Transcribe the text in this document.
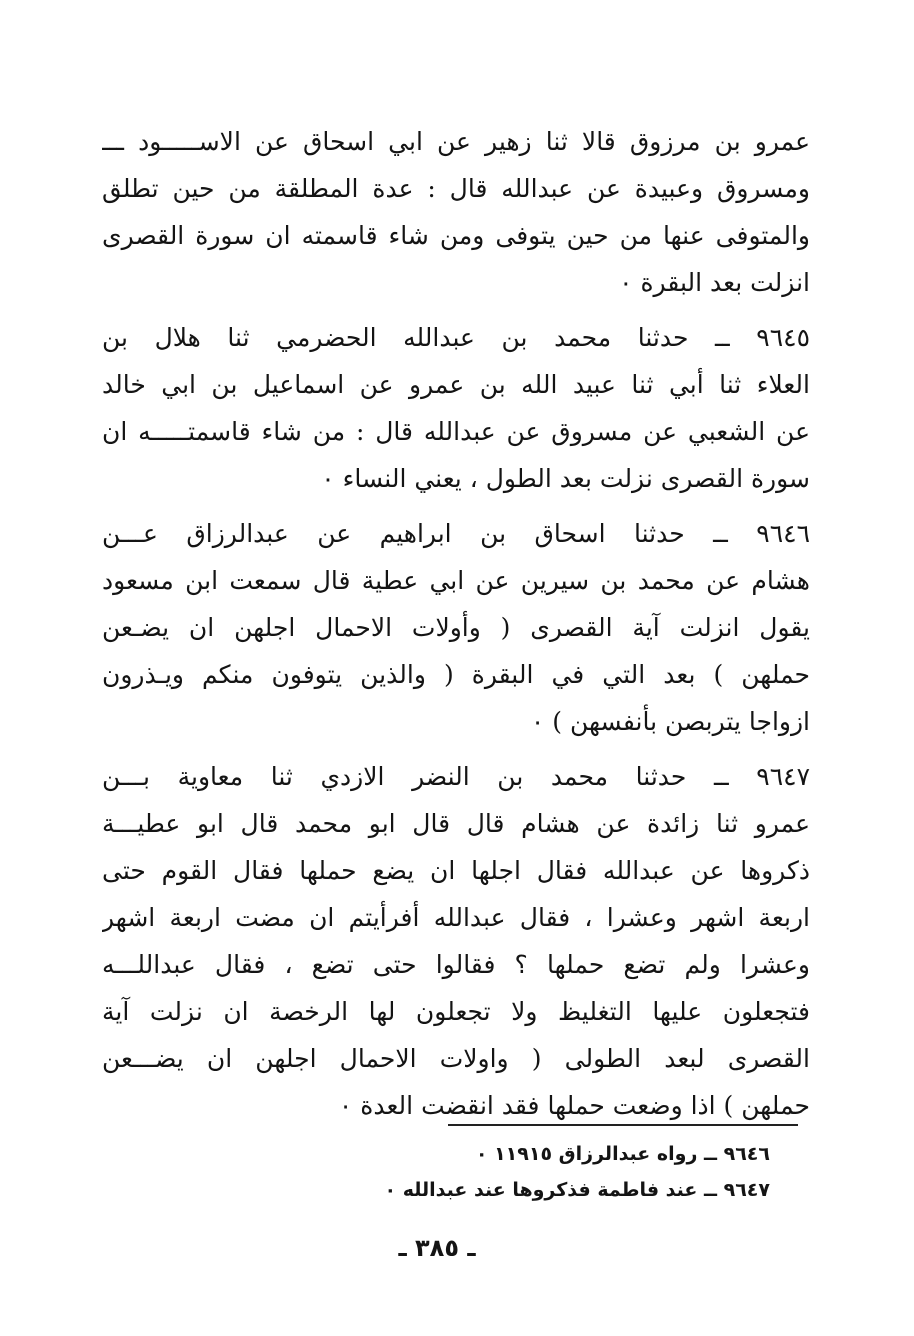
عمرو بن مرزوق قالا ثنا زهير عن ابي اسحاق عن الاســـــود ـــ
ومسروق وعبيدة عن عبدالله قال : عدة المطلقة من حين تطلق
والمتوفى عنها من حين يتوفى ومن شاء قاسمته ان سورة القصرى
انزلت بعد البقرة ٠
٩٦٤٥ ــ حدثنا محمد بن عبدالله الحضرمي ثنا هلال بن
العلاء ثنا أبي ثنا عبيد الله بن عمرو عن اسماعيل بن ابي خالد
عن الشعبي عن مسروق عن عبدالله قال : من شاء قاسمتـــــه ان
سورة القصرى نزلت بعد الطول ، يعني النساء ٠
٩٦٤٦ ــ حدثنا اسحاق بن ابراهيم عن عبدالرزاق عـــن
هشام عن محمد بن سيرين عن ابي عطية قال سمعت ابن مسعود
يقول انزلت آية القصرى ( وأولات الاحمال اجلهن ان يضـعن
حملهن ) بعد التي في البقرة ( والذين يتوفون منكم ويـذرون
ازواجا يتربصن بأنفسهن ) ٠
٩٦٤٧ ــ حدثنا محمد بن النضر الازدي ثنا معاوية بـــن
عمرو ثنا زائدة عن هشام قال قال ابو محمد قال ابو عطيـــة
ذكروها عن عبدالله فقال اجلها ان يضع حملها فقال القوم حتى
اربعة اشهر وعشرا ، فقال عبدالله أفرأيتم ان مضت اربعة اشهر
وعشرا ولم تضع حملها ؟ فقالوا حتى تضع ، فقال عبداللـــه
فتجعلون عليها التغليظ ولا تجعلون لها الرخصة ان نزلت آية
القصرى لبعد الطولى ( واولات الاحمال اجلهن ان يضـــعن
حملهن ) اذا وضعت حملها فقد انقضت العدة ٠
٩٦٤٦ ــ رواه عبدالرزاق ١١٩١٥ ٠
٩٦٤٧ ــ عند فاطمة فذكروها عند عبدالله ٠
ـ ٣٨٥ ـ
